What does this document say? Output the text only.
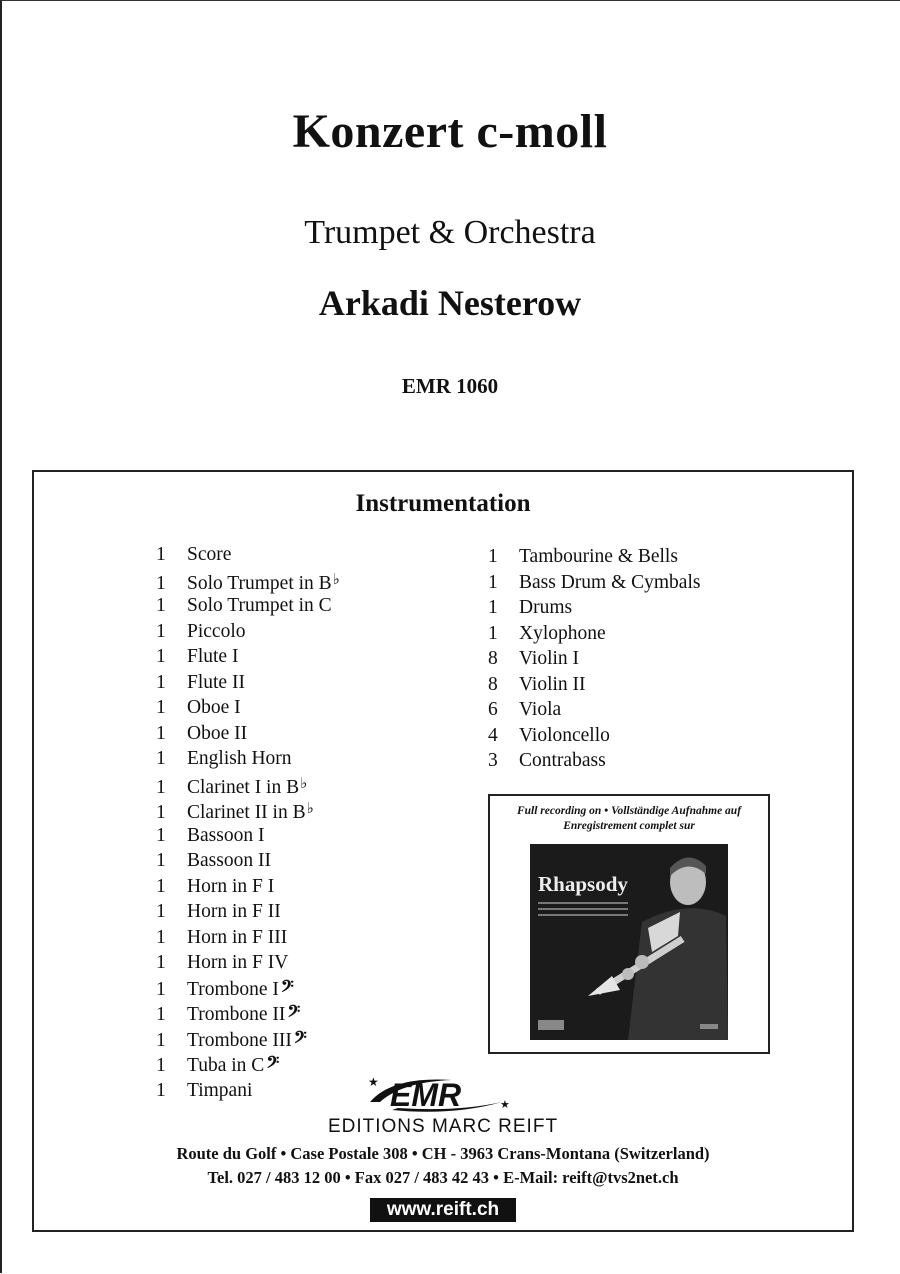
Konzert c-moll
Trumpet & Orchestra
Arkadi Nesterow
EMR 1060
Instrumentation
1 Score
1 Solo Trumpet in B♭
1 Solo Trumpet in C
1 Piccolo
1 Flute I
1 Flute II
1 Oboe I
1 Oboe II
1 English Horn
1 Clarinet I in B♭
1 Clarinet II in B♭
1 Bassoon I
1 Bassoon II
1 Horn in F I
1 Horn in F II
1 Horn in F III
1 Horn in F IV
1 Trombone I 𝄢
1 Trombone II 𝄢
1 Trombone III 𝄢
1 Tuba in C 𝄢
1 Timpani
1 Tambourine & Bells
1 Bass Drum & Cymbals
1 Drums
1 Xylophone
8 Violin I
8 Violin II
6 Viola
4 Violoncello
3 Contrabass
Full recording on • Vollständige Aufnahme auf
Enregistrement complet sur
Rhapsody
★ EMR	★
EDITIONS MARC REIFT
Route du Golf • Case Postale 308 • CH - 3963 Crans-Montana (Switzerland)
Tel. 027 / 483 12 00 • Fax 027 / 483 42 43 • E-Mail: reift@tvs2net.ch
www.reift.ch
